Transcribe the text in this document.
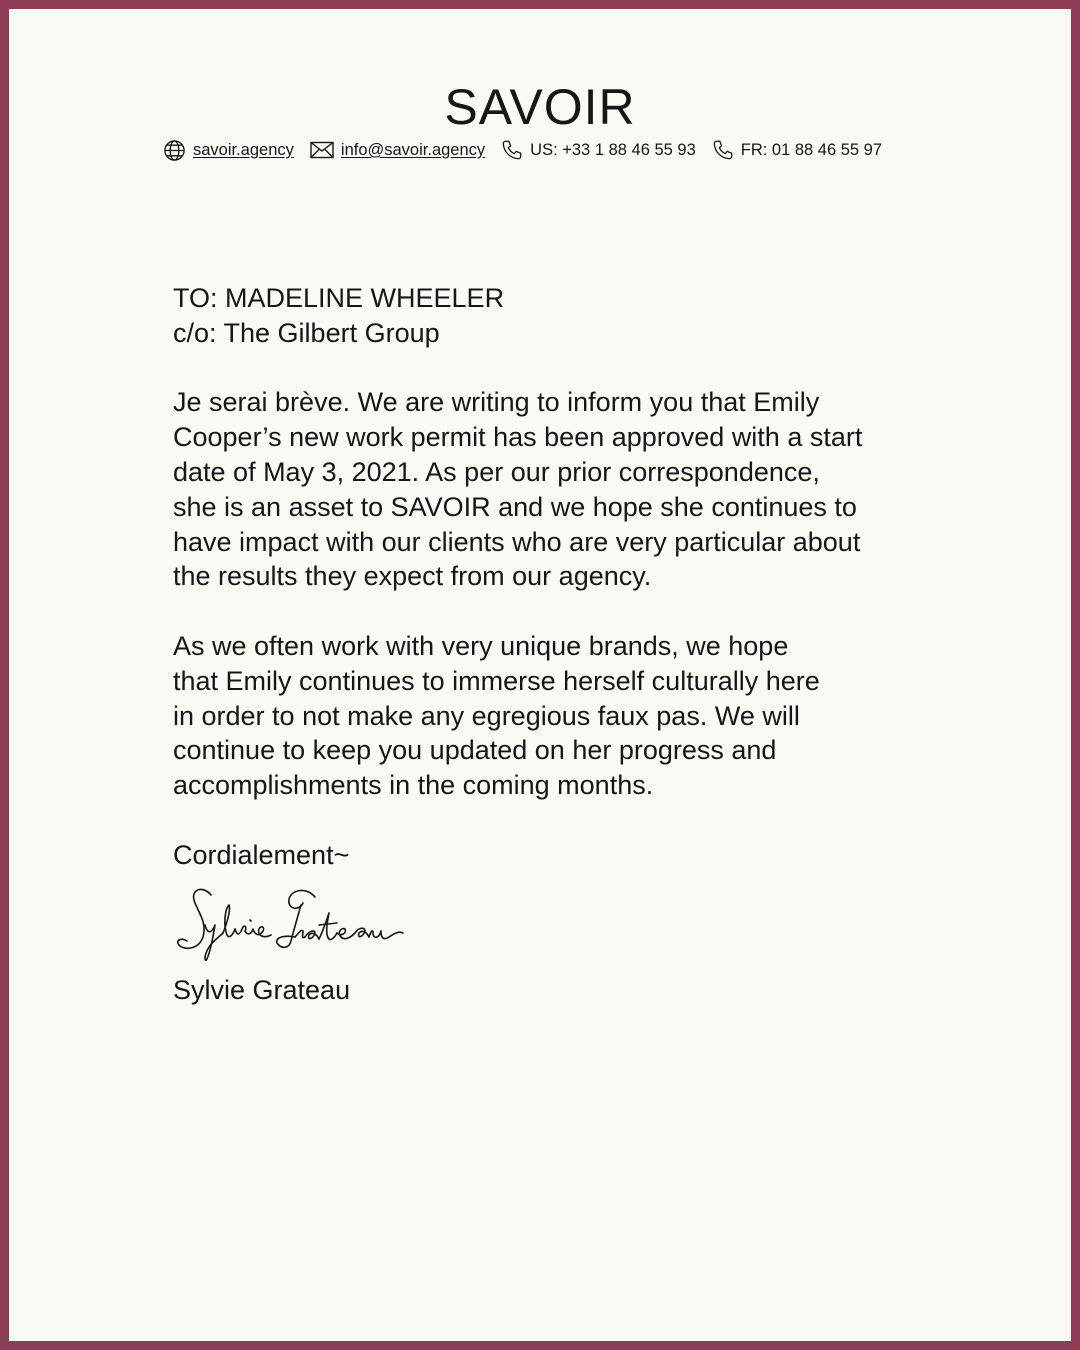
SAVOIR
savoir.agency	info@savoir.agency	US: +33 1 88 46 55 93	FR: 01 88 46 55 97

TO: MADELINE WHEELER

c/o: The Gilbert Group

Je serai brève. We are writing to inform you that Emily

Cooper’s new work permit has been approved with a start

date of May 3, 2021. As per our prior correspondence,

she is an asset to SAVOIR and we hope she continues to

have impact with our clients who are very particular about

the results they expect from our agency.

As we often work with very unique brands, we hope

that Emily continues to immerse herself culturally here

in order to not make any egregious faux pas. We will

continue to keep you updated on her progress and

accomplishments in the coming months.

Cordialement~

Sylvie Grateau
